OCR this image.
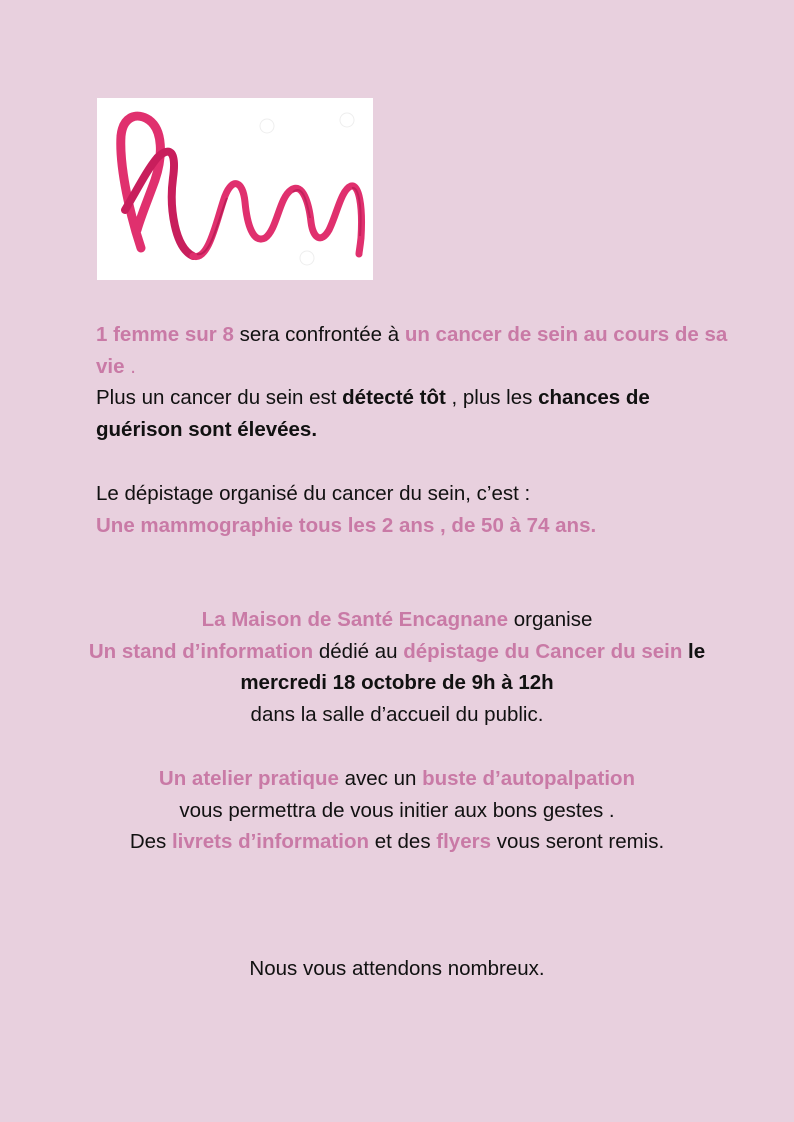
1 femme sur 8 sera confrontée à un cancer de sein au cours de sa vie .
Plus un cancer du sein est détecté tôt , plus les chances de guérison sont élevées.
Le dépistage organisé du cancer du sein, c’est :
Une mammographie tous les 2 ans , de 50 à 74 ans.
La Maison de Santé Encagnane organise
Un stand d’information dédié au dépistage du Cancer du sein le mercredi 18 octobre de 9h à 12h
dans la salle d’accueil du public.
Un atelier pratique avec un buste d’autopalpation
vous permettra de vous initier aux bons gestes .
Des livrets d’information et des flyers vous seront remis.
Nous vous attendons nombreux.
